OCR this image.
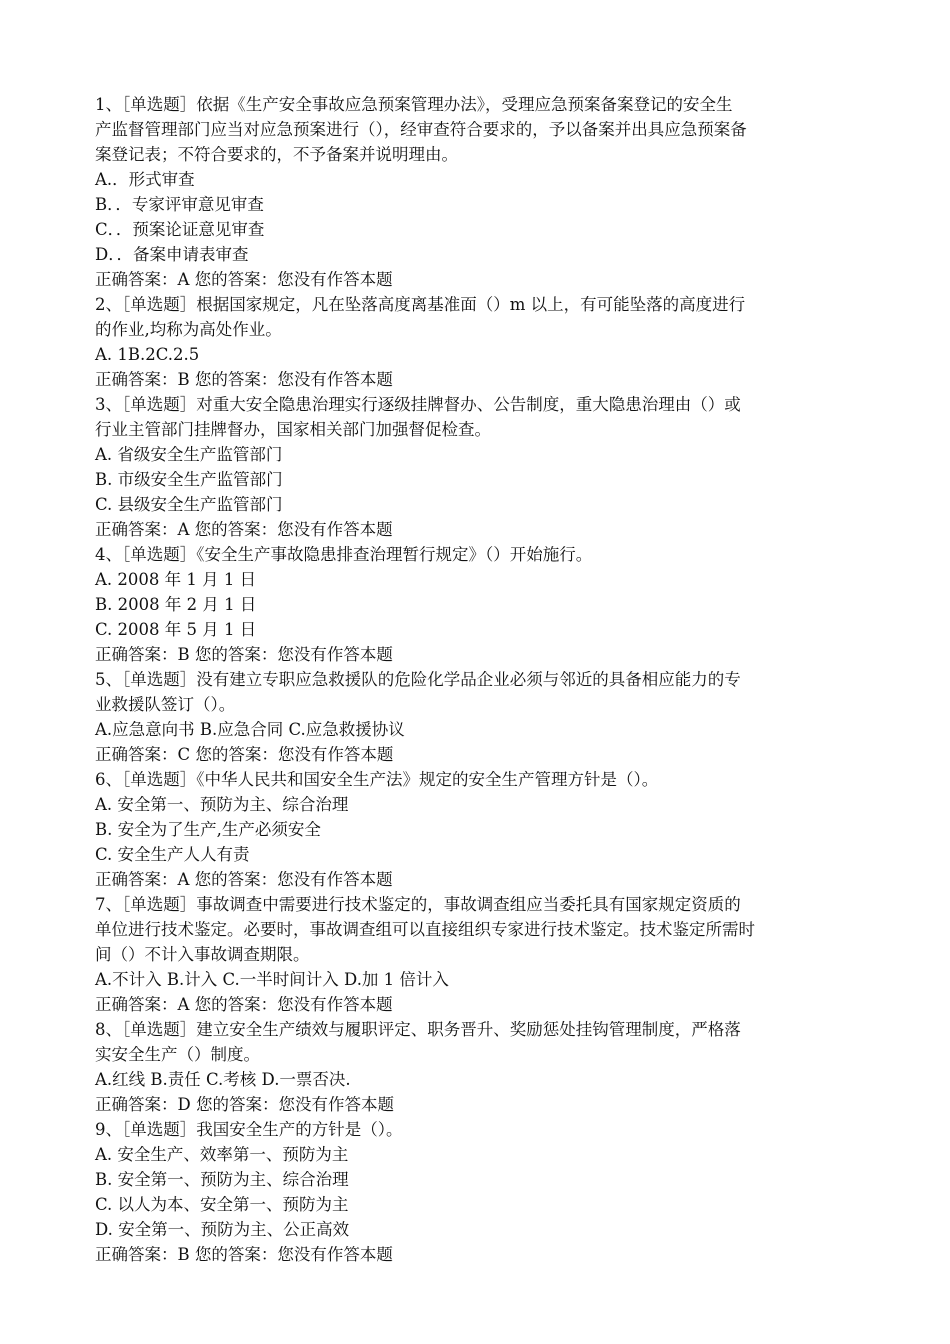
1、［单选题］依据《生产安全事故应急预案管理办法》，受理应急预案备案登记的安全生
产监督管理部门应当对应急预案进行（），经审查符合要求的，予以备案并出具应急预案备
案登记表；不符合要求的，不予备案并说明理由。
A.．形式审查
B．．专家评审意见审查
C．．预案论证意见审查
D．．备案申请表审查
正确答案：A 您的答案：您没有作答本题
2、［单选题］根据国家规定，凡在坠落高度离基准面（）m 以上，有可能坠落的高度进行
的作业,均称为高处作业。
A. 1B.2C.2.5
正确答案：B 您的答案：您没有作答本题
3、［单选题］对重大安全隐患治理实行逐级挂牌督办、公告制度，重大隐患治理由（）或
行业主管部门挂牌督办，国家相关部门加强督促检查。
A. 省级安全生产监管部门
B. 市级安全生产监管部门
C. 县级安全生产监管部门
正确答案：A 您的答案：您没有作答本题
4、［单选题］《安全生产事故隐患排查治理暂行规定》（）开始施行。
A. 2008 年 1 月 1 日
B. 2008 年 2 月 1 日
C. 2008 年 5 月 1 日
正确答案：B 您的答案：您没有作答本题
5、［单选题］没有建立专职应急救援队的危险化学品企业必须与邻近的具备相应能力的专
业救援队签订（）。
A.应急意向书 B.应急合同 C.应急救援协议
正确答案：C 您的答案：您没有作答本题
6、［单选题］《中华人民共和国安全生产法》规定的安全生产管理方针是（）。
A. 安全第一、预防为主、综合治理
B. 安全为了生产,生产必须安全
C. 安全生产人人有责
正确答案：A 您的答案：您没有作答本题
7、［单选题］事故调查中需要进行技术鉴定的，事故调查组应当委托具有国家规定资质的
单位进行技术鉴定。必要时，事故调查组可以直接组织专家进行技术鉴定。技术鉴定所需时
间（）不计入事故调查期限。
A.不计入 B.计入 C.一半时间计入 D.加 1 倍计入
正确答案：A 您的答案：您没有作答本题
8、［单选题］建立安全生产绩效与履职评定、职务晋升、奖励惩处挂钩管理制度，严格落
实安全生产（）制度。
A.红线 B.责任 C.考核 D.一票否决.
正确答案：D 您的答案：您没有作答本题
9、［单选题］我国安全生产的方针是（）。
A. 安全生产、效率第一、预防为主
B. 安全第一、预防为主、综合治理
C. 以人为本、安全第一、预防为主
D. 安全第一、预防为主、公正高效
正确答案：B 您的答案：您没有作答本题
